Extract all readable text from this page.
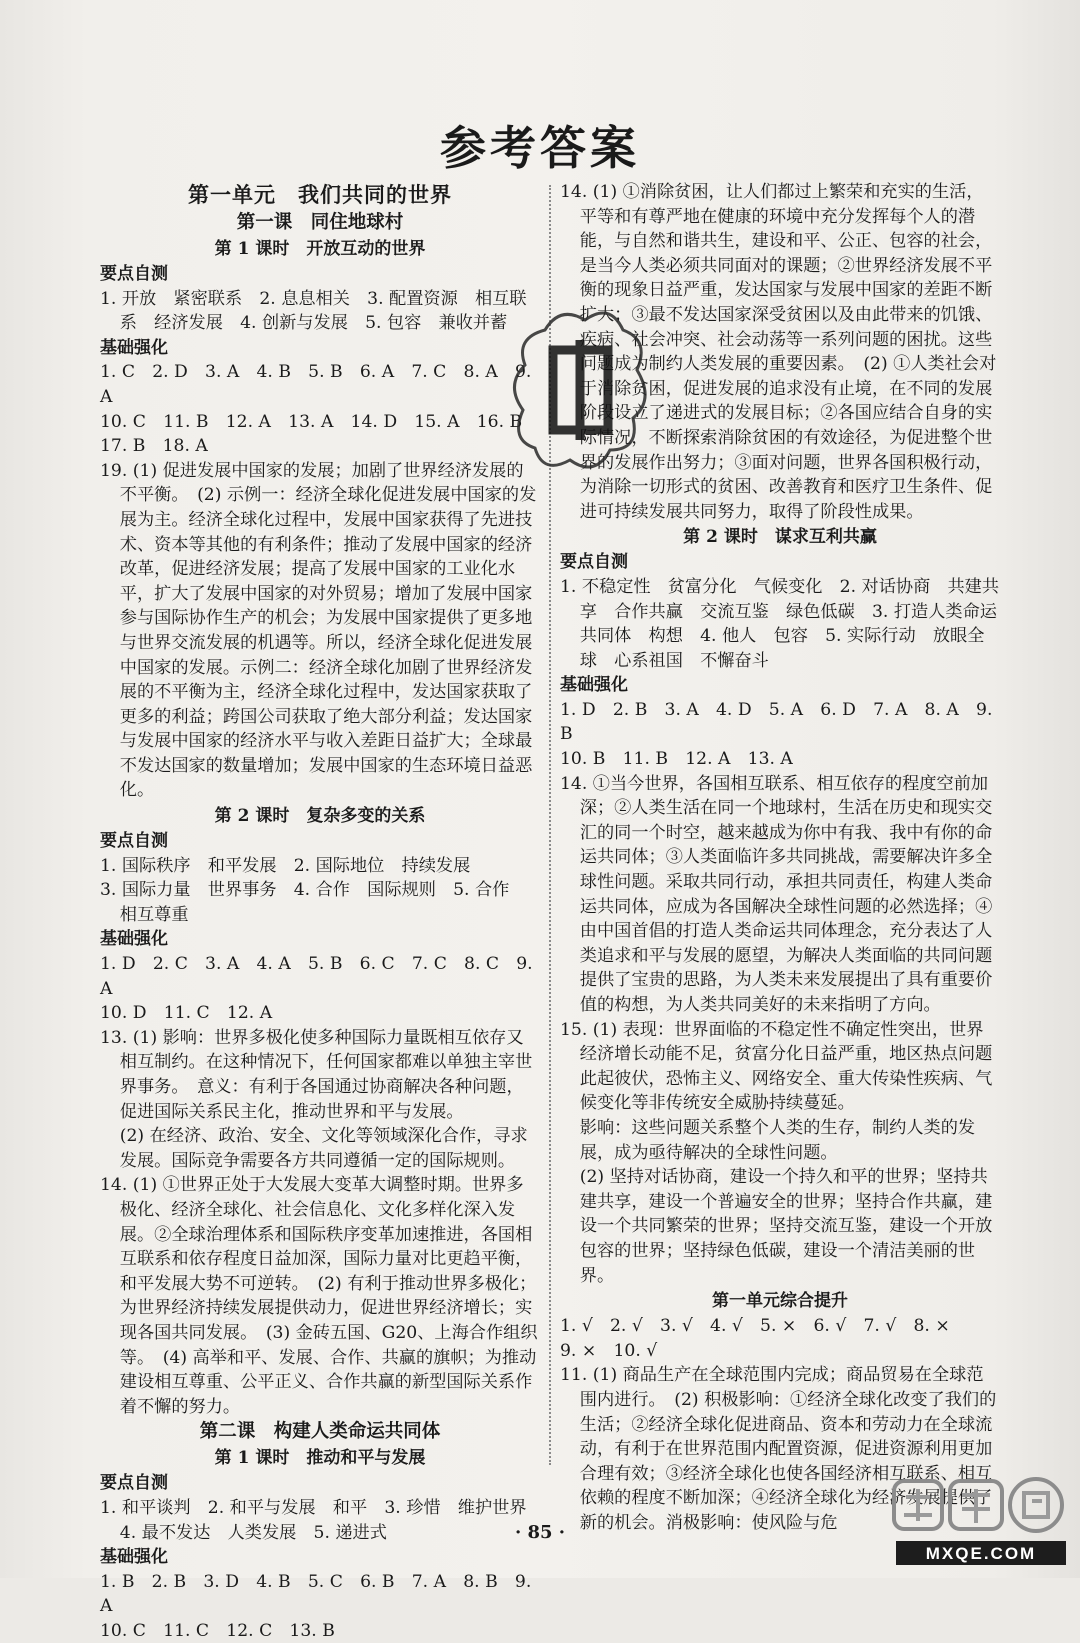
参考答案
第一单元　我们共同的世界
第一课　同住地球村
第 1 课时　开放互动的世界
要点自测
1. 开放　紧密联系　2. 息息相关　3. 配置资源　相互联系　经济发展　4. 创新与发展　5. 包容　兼收并蓄
基础强化
1. C　2. D　3. A　4. B　5. B　6. A　7. C　8. A　9. A
10. C　11. B　12. A　13. A　14. D　15. A　16. B
17. B　18. A
19. (1) 促进发展中国家的发展；加剧了世界经济发展的不平衡。　(2) 示例一：经济全球化促进发展中国家的发展为主。经济全球化过程中，发展中国家获得了先进技术、资本等其他的有利条件；推动了发展中国家的经济改革，促进经济发展；提高了发展中国家的工业化水平，扩大了发展中国家的对外贸易；增加了发展中国家参与国际协作生产的机会；为发展中国家提供了更多地与世界交流发展的机遇等。所以，经济全球化促进发展中国家的发展。示例二：经济全球化加剧了世界经济发展的不平衡为主，经济全球化过程中，发达国家获取了更多的利益；跨国公司获取了绝大部分利益；发达国家与发展中国家的经济水平与收入差距日益扩大；全球最不发达国家的数量增加；发展中国家的生态环境日益恶化。
第 2 课时　复杂多变的关系
要点自测
1. 国际秩序　和平发展　2. 国际地位　持续发展
3. 国际力量　世界事务　4. 合作　国际规则　5. 合作　相互尊重
基础强化
1. D　2. C　3. A　4. A　5. B　6. C　7. C　8. C　9. A
10. D　11. C　12. A
13. (1) 影响：世界多极化使多种国际力量既相互依存又相互制约。在这种情况下，任何国家都难以单独主宰世界事务。　意义：有利于各国通过协商解决各种问题，促进国际关系民主化，推动世界和平与发展。
(2) 在经济、政治、安全、文化等领域深化合作，寻求发展。国际竞争需要各方共同遵循一定的国际规则。
14. (1) ①世界正处于大发展大变革大调整时期。世界多极化、经济全球化、社会信息化、文化多样化深入发展。②全球治理体系和国际秩序变革加速推进，各国相互联系和依存程度日益加深，国际力量对比更趋平衡，和平发展大势不可逆转。　(2) 有利于推动世界多极化；为世界经济持续发展提供动力，促进世界经济增长；实现各国共同发展。　(3) 金砖五国、G20、上海合作组织等。　(4) 高举和平、发展、合作、共赢的旗帜；为推动建设相互尊重、公平正义、合作共赢的新型国际关系作着不懈的努力。
第二课　构建人类命运共同体
第 1 课时　推动和平与发展
要点自测
1. 和平谈判　2. 和平与发展　和平　3. 珍惜　维护世界　4. 最不发达　人类发展　5. 递进式
基础强化
1. B　2. B　3. D　4. B　5. C　6. B　7. A　8. B　9. A
10. C　11. C　12. C　13. B
14. (1) ①消除贫困，让人们都过上繁荣和充实的生活，平等和有尊严地在健康的环境中充分发挥每个人的潜能，与自然和谐共生，建设和平、公正、包容的社会，是当今人类必须共同面对的课题；②世界经济发展不平衡的现象日益严重，发达国家与发展中国家的差距不断扩大；③最不发达国家深受贫困以及由此带来的饥饿、疾病、社会冲突、社会动荡等一系列问题的困扰。这些问题成为制约人类发展的重要因素。　(2) ①人类社会对于消除贫困，促进发展的追求没有止境，在不同的发展阶段设立了递进式的发展目标；②各国应结合自身的实际情况，不断探索消除贫困的有效途径，为促进整个世界的发展作出努力；③面对问题，世界各国积极行动，为消除一切形式的贫困、改善教育和医疗卫生条件、促进可持续发展共同努力，取得了阶段性成果。
第 2 课时　谋求互利共赢
要点自测
1. 不稳定性　贫富分化　气候变化　2. 对话协商　共建共享　合作共赢　交流互鉴　绿色低碳　3. 打造人类命运共同体　构想　4. 他人　包容　5. 实际行动　放眼全球　心系祖国　不懈奋斗
基础强化
1. D　2. B　3. A　4. D　5. A　6. D　7. A　8. A　9. B
10. B　11. B　12. A　13. A
14. ①当今世界，各国相互联系、相互依存的程度空前加深；②人类生活在同一个地球村，生活在历史和现实交汇的同一个时空，越来越成为你中有我、我中有你的命运共同体；③人类面临许多共同挑战，需要解决许多全球性问题。采取共同行动，承担共同责任，构建人类命运共同体，应成为各国解决全球性问题的必然选择；④由中国首倡的打造人类命运共同体理念，充分表达了人类追求和平与发展的愿望，为解决人类面临的共同问题提供了宝贵的思路，为人类未来发展提出了具有重要价值的构想，为人类共同美好的未来指明了方向。
15. (1) 表现：世界面临的不稳定性不确定性突出，世界经济增长动能不足，贫富分化日益严重，地区热点问题此起彼伏，恐怖主义、网络安全、重大传染性疾病、气候变化等非传统安全威胁持续蔓延。
影响：这些问题关系整个人类的生存，制约人类的发展，成为亟待解决的全球性问题。
(2) 坚持对话协商，建设一个持久和平的世界；坚持共建共享，建设一个普遍安全的世界；坚持合作共赢，建设一个共同繁荣的世界；坚持交流互鉴，建设一个开放包容的世界；坚持绿色低碳，建设一个清洁美丽的世界。
第一单元综合提升
1. √　2. √　3. √　4. √　5. ×　6. √　7. √　8. ×
9. ×　10. √
11. (1) 商品生产在全球范围内完成；商品贸易在全球范围内进行。　(2) 积极影响：①经济全球化改变了我们的生活；②经济全球化促进商品、资本和劳动力在全球流动，有利于在世界范围内配置资源，促进资源利用更加合理有效；③经济全球化也使各国经济相互联系、相互依赖的程度不断加深；④经济全球化为经济发展提供了新的机会。消极影响：使风险与危
· 85 ·
MXQE.COM
